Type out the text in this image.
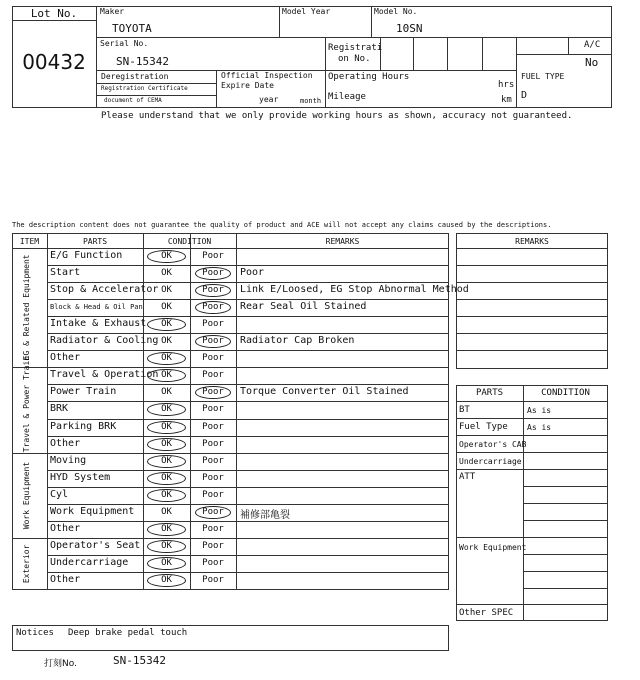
Lot No.
00432
Maker
TOYOTA
Model Year	Model No.
10SN
Serial No.
SN-15342
Registrati
on No.
A/C
No
Deregistration
Registration Certificate
document of CEMA
Official Inspection
Expire Date
year	month
Operating Hours
hrs
Mileage	km
FUEL TYPE
D
Please understand that we only provide working hours as shown, accuracy not guaranteed.
The description content does not guarantee the quality of product and ACE will not accept any claims caused by the descriptions.
ITEM	PARTS	CONDITION	REMARKS
E/G Function	OK	Poor
Start	OK	Poor	Poor
Stop & Accelerator OK	Poor	Link E/Loosed, EG Stop Abnormal Method
Block & Head & Oil Pan	OK	Poor	Rear Seal Oil Stained
Intake & Exhaust	OK	Poor
Radiator & Cooling OK	Poor	Radiator Cap Broken
Other	OK	Poor
Travel & Operation OK	Poor
Power Train	OK	Poor	Torque Converter Oil Stained
BRK	OK	Poor
Parking BRK	OK	Poor
Other	OK	Poor
Moving	OK	Poor
HYD System	OK	Poor
Cyl	OK	Poor
Work Equipment	OK	Poor	補修部亀裂
Other	OK	Poor
Operator's Seat	OK	Poor
Undercarriage	OK	Poor
Other	OK	Poor
EG & Related Equipment
Travel & Power Train
Work Equipment
Exterior
REMARKS
PARTS	CONDITION
BT	As is
Fuel Type As is
Operator's CAB
Undercarriage
ATT
Work Equipment
Other SPEC
Notices Deep brake pedal touch
打刻No.	SN-15342
